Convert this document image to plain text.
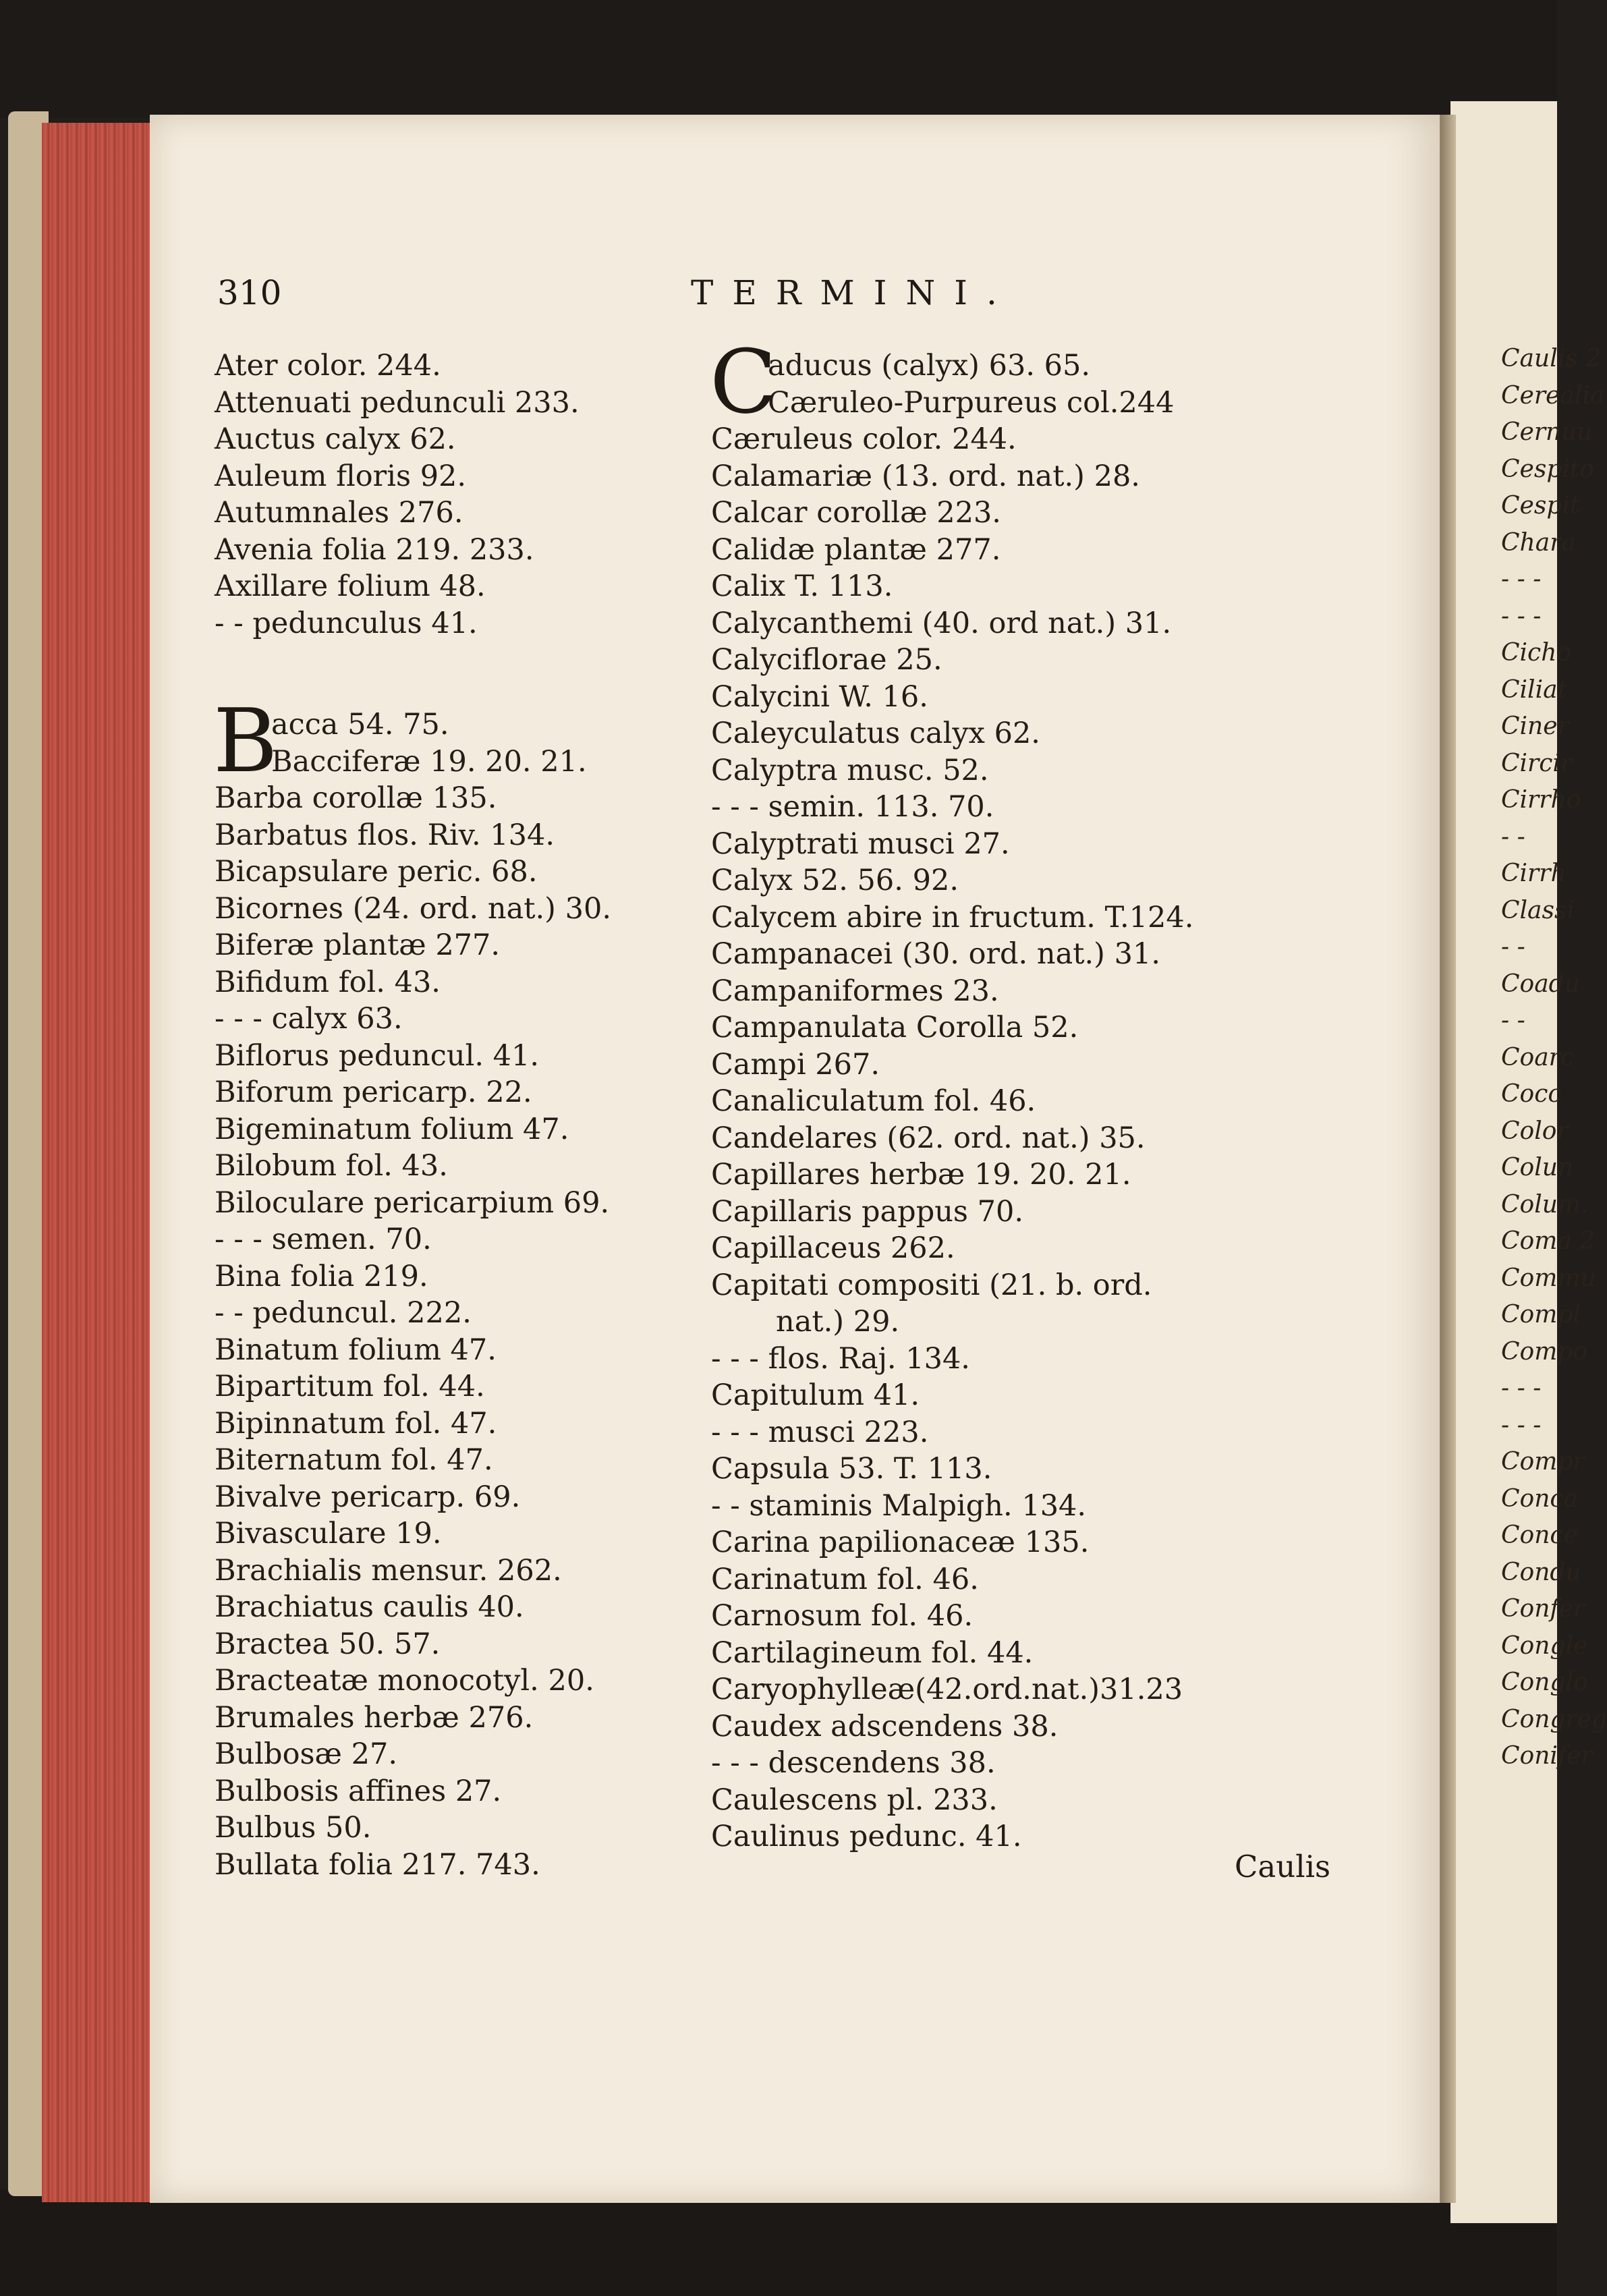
310	TERMINI.
Ater color. 244.
Attenuati pedunculi 233.
Auctus calyx 62.
Auleum floris 92.
Autumnales 276.
Avenia folia 219. 233.
Axillare folium 48.
- - pedunculus 41.
B
acca 54. 75.
Bacciferæ 19. 20. 21.
Barba corollæ 135.
Barbatus flos. Riv. 134.
Bicapsulare peric. 68.
Bicornes (24. ord. nat.) 30.
Biferæ plantæ 277.
Bifidum fol. 43.
- - - calyx 63.
Biflorus peduncul. 41.
Biforum pericarp. 22.
Bigeminatum folium 47.
Bilobum fol. 43.
Biloculare pericarpium 69.
- - - semen. 70.
Bina folia 219.
- - peduncul. 222.
Binatum folium 47.
Bipartitum fol. 44.
Bipinnatum fol. 47.
Biternatum fol. 47.
Bivalve pericarp. 69.
Bivasculare 19.
Brachialis mensur. 262.
Brachiatus caulis 40.
Bractea 50. 57.
Bracteatæ monocotyl. 20.
Brumales herbæ 276.
Bulbosæ 27.
Bulbosis affines 27.
Bulbus 50.
Bullata folia 217. 743.
C
aducus (calyx) 63. 65.
Cæruleo-Purpureus col.244
Cæruleus color. 244.
Calamariæ (13. ord. nat.) 28.
Calcar corollæ 223.
Calidæ plantæ 277.
Calix T. 113.
Calycanthemi (40. ord nat.) 31.
Calyciflorae 25.
Calycini W. 16.
Caleyculatus calyx 62.
Calyptra musc. 52.
- - - semin. 113. 70.
Calyptrati musci 27.
Calyx 52. 56. 92.
Calycem abire in fructum. T.124.
Campanacei (30. ord. nat.) 31.
Campaniformes 23.
Campanulata Corolla 52.
Campi 267.
Canaliculatum fol. 46.
Candelares (62. ord. nat.) 35.
Capillares herbæ 19. 20. 21.
Capillaris pappus 70.
Capillaceus 262.
Capitati compositi (21. b. ord.
nat.) 29.
- - - flos. Raj. 134.
Capitulum 41.
- - - musci 223.
Capsula 53. T. 113.
- - staminis Malpigh. 134.
Carina papilionaceæ 135.
Carinatum fol. 46.
Carnosum fol. 46.
Cartilagineum fol. 44.
Caryophylleæ(42.ord.nat.)31.23
Caudex adscendens 38.
- - - descendens 38.
Caulescens pl. 233.
Caulinus pedunc. 41.
Caulis
Caulis 2
Cerealia
Cernuu
Cespito
Cespit
Chara
- - -
- - -
Cicho
Ciliat
Ciner
Circir
Cirrho
- -
Cirrh
Classi
- -
Coadu
- -
Coarc
Cocc
Color
Colun
Colum.
Coma 2
Commu
Compl
Compo
- - -
- - -
Compr
Conca
Conce
Condu
Confer
Congle
Conglo
Congreg
Conifer
